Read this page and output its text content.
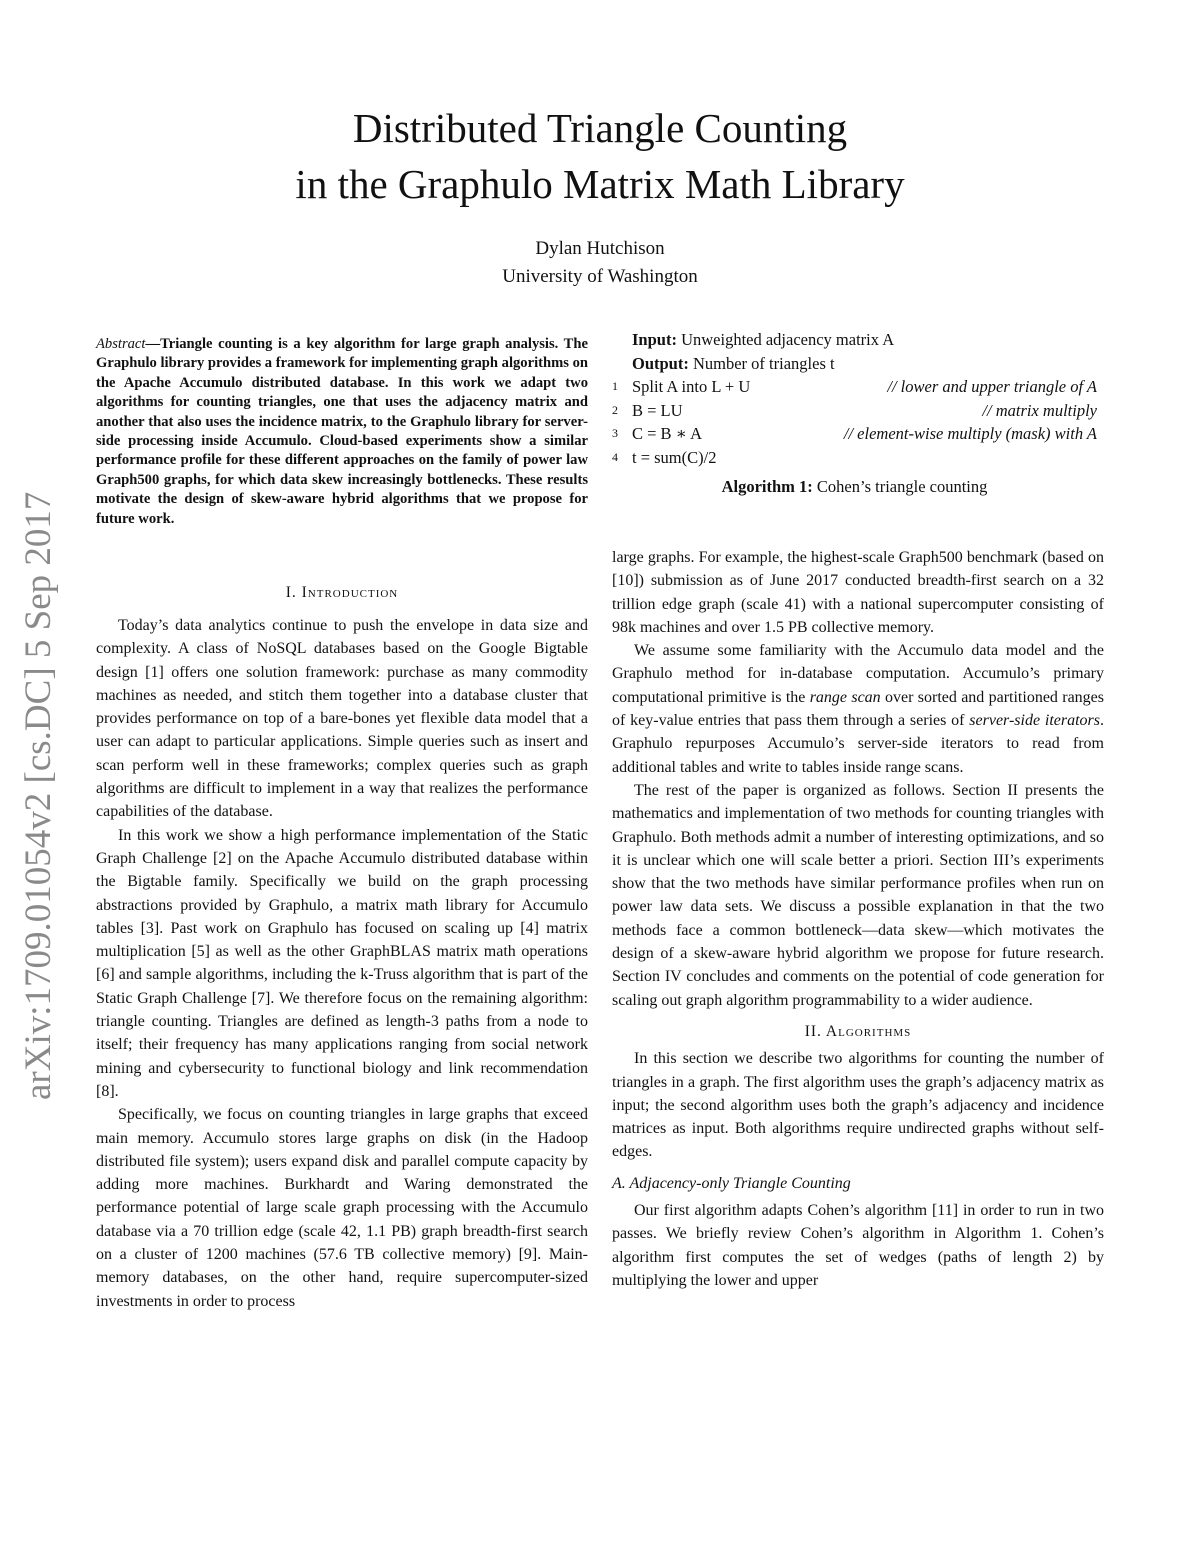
Distributed Triangle Counting
in the Graphulo Matrix Math Library
Dylan Hutchison
University of Washington
arXiv:1709.01054v2 [cs.DC] 5 Sep 2017
Abstract—Triangle counting is a key algorithm for large graph analysis. The Graphulo library provides a framework for implementing graph algorithms on the Apache Accumulo distributed database. In this work we adapt two algorithms for counting triangles, one that uses the adjacency matrix and another that also uses the incidence matrix, to the Graphulo library for server-side processing inside Accumulo. Cloud-based experiments show a similar performance profile for these different approaches on the family of power law Graph500 graphs, for which data skew increasingly bottlenecks. These results motivate the design of skew-aware hybrid algorithms that we propose for future work.
I. Introduction

Today’s data analytics continue to push the envelope in data size and complexity. A class of NoSQL databases based on the Google Bigtable design [1] offers one solution framework: purchase as many commodity machines as needed, and stitch them together into a database cluster that provides performance on top of a bare-bones yet flexible data model that a user can adapt to particular applications. Simple queries such as insert and scan perform well in these frameworks; complex queries such as graph algorithms are difficult to implement in a way that realizes the performance capabilities of the database.

In this work we show a high performance implementation of the Static Graph Challenge [2] on the Apache Accumulo distributed database within the Bigtable family. Specifically we build on the graph processing abstractions provided by Graphulo, a matrix math library for Accumulo tables [3]. Past work on Graphulo has focused on scaling up [4] matrix multiplication [5] as well as the other GraphBLAS matrix math operations [6] and sample algorithms, including the k-Truss algorithm that is part of the Static Graph Challenge [7]. We therefore focus on the remaining algorithm: triangle counting. Triangles are defined as length-3 paths from a node to itself; their frequency has many applications ranging from social network mining and cybersecurity to functional biology and link recommendation [8].

Specifically, we focus on counting triangles in large graphs that exceed main memory. Accumulo stores large graphs on disk (in the Hadoop distributed file system); users expand disk and parallel compute capacity by adding more machines. Burkhardt and Waring demonstrated the performance potential of large scale graph processing with the Accumulo database via a 70 trillion edge (scale 42, 1.1 PB) graph breadth-first search on a cluster of 1200 machines (57.6 TB collective memory) [9]. Main-memory databases, on the other hand, require supercomputer-sized investments in order to process

Input: Unweighted adjacency matrix A
Output: Number of triangles t
1 Split A into L + U	// lower and upper triangle of A
2 B = LU	// matrix multiply
3 C = B ∗ A	// element-wise multiply (mask) with A
4 t = sum(C)/2
Algorithm 1: Cohen’s triangle counting

large graphs. For example, the highest-scale Graph500 benchmark (based on [10]) submission as of June 2017 conducted breadth-first search on a 32 trillion edge graph (scale 41) with a national supercomputer consisting of 98k machines and over 1.5 PB collective memory.

We assume some familiarity with the Accumulo data model and the Graphulo method for in-database computation. Accumulo’s primary computational primitive is the range scan over sorted and partitioned ranges of key-value entries that pass them through a series of server-side iterators. Graphulo repurposes Accumulo’s server-side iterators to read from additional tables and write to tables inside range scans.

The rest of the paper is organized as follows. Section II presents the mathematics and implementation of two methods for counting triangles with Graphulo. Both methods admit a number of interesting optimizations, and so it is unclear which one will scale better a priori. Section III’s experiments show that the two methods have similar performance profiles when run on power law data sets. We discuss a possible explanation in that the two methods face a common bottleneck—data skew—which motivates the design of a skew-aware hybrid algorithm we propose for future research. Section IV concludes and comments on the potential of code generation for scaling out graph algorithm programmability to a wider audience.

II. Algorithms

In this section we describe two algorithms for counting the number of triangles in a graph. The first algorithm uses the graph’s adjacency matrix as input; the second algorithm uses both the graph’s adjacency and incidence matrices as input. Both algorithms require undirected graphs without self-edges.

A. Adjacency-only Triangle Counting

Our first algorithm adapts Cohen’s algorithm [11] in order to run in two passes. We briefly review Cohen’s algorithm in Algorithm 1. Cohen’s algorithm first computes the set of wedges (paths of length 2) by multiplying the lower and upper
